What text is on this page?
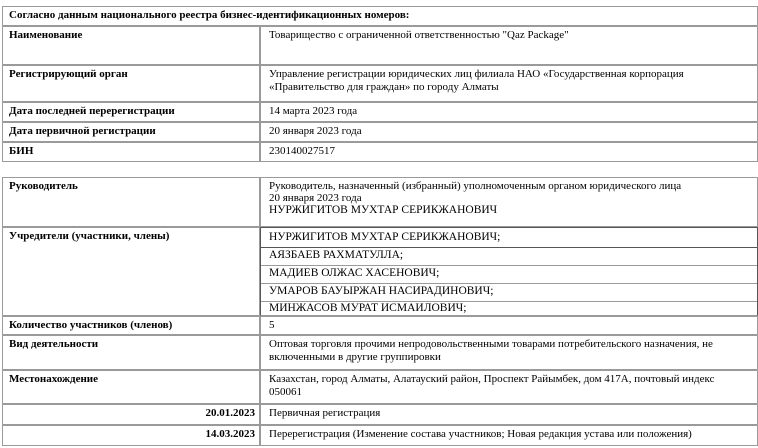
Согласно данным национального реестра бизнес-идентификационных номеров:
Наименование	Товарищество с ограниченной ответственностью "Qaz Package"
Регистрирующий орган	Управление регистрации юридических лиц филиала НАО «Государственная корпорация
«Правительство для граждан» по городу Алматы
Дата последней перерегистрации	14 марта 2023 года
Дата первичной регистрации	20 января 2023 года
БИН	230140027517
Руководитель	Руководитель, назначенный (избранный) уполномоченным органом юридического лица
20 января 2023 года
НУРЖИГИТОВ МУХТАР СЕРИКЖАНОВИЧ
Учредители (участники, члены)	НУРЖИГИТОВ МУХТАР СЕРИКЖАНОВИЧ;
АЯЗБАЕВ РАХМАТУЛЛА;
МАДИЕВ ОЛЖАС ХАСЕНОВИЧ;
УМАРОВ БАУЫРЖАН НАСИРАДИНОВИЧ;
МИНЖАСОВ МУРАТ ИСМАИЛОВИЧ;
Количество участников (членов)	5
Вид деятельности	Оптовая торговля прочими непродовольственными товарами потребительского назначения, не
включенными в другие группировки
Местонахождение	Казахстан, город Алматы, Алатауский район, Проспект Райымбек, дом 417А, почтовый индекс
050061
20.01.2023	Первичная регистрация
14.03.2023	Перерегистрация (Изменение состава участников; Новая редакция устава или положения)
